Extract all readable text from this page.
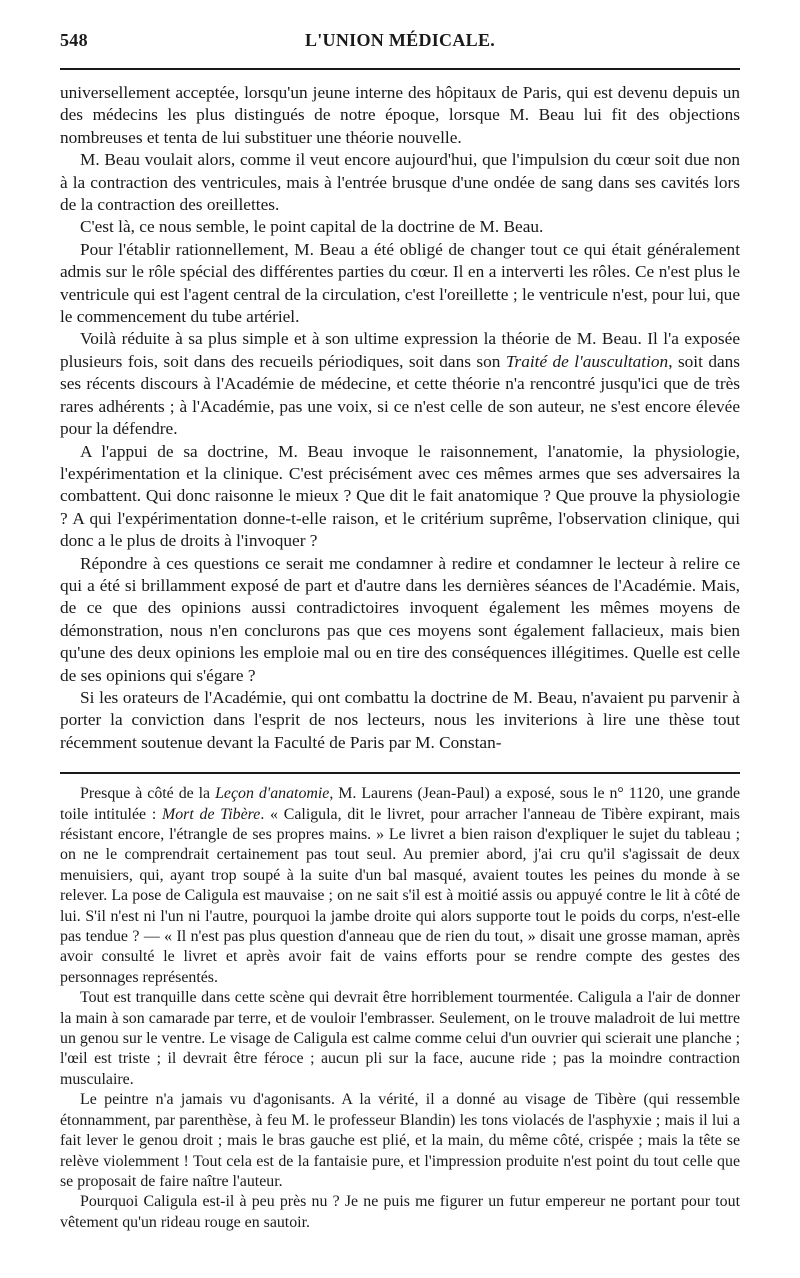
548	L'UNION MÉDICALE.

universellement acceptée, lorsqu'un jeune interne des hôpitaux de Paris, qui est devenu depuis un des médecins les plus distingués de notre époque, lorsque M. Beau lui fit des objections nombreuses et tenta de lui substituer une théorie nouvelle.

M. Beau voulait alors, comme il veut encore aujourd'hui, que l'impulsion du cœur soit due non à la contraction des ventricules, mais à l'entrée brusque d'une ondée de sang dans ses cavités lors de la contraction des oreillettes.

C'est là, ce nous semble, le point capital de la doctrine de M. Beau.

Pour l'établir rationnellement, M. Beau a été obligé de changer tout ce qui était généralement admis sur le rôle spécial des différentes parties du cœur. Il en a interverti les rôles. Ce n'est plus le ventricule qui est l'agent central de la circulation, c'est l'oreillette ; le ventricule n'est, pour lui, que le commencement du tube artériel.

Voilà réduite à sa plus simple et à son ultime expression la théorie de M. Beau. Il l'a exposée plusieurs fois, soit dans des recueils périodiques, soit dans son Traité de l'auscultation, soit dans ses récents discours à l'Académie de médecine, et cette théorie n'a rencontré jusqu'ici que de très rares adhérents ; à l'Académie, pas une voix, si ce n'est celle de son auteur, ne s'est encore élevée pour la défendre.

A l'appui de sa doctrine, M. Beau invoque le raisonnement, l'anatomie, la physiologie, l'expérimentation et la clinique. C'est précisément avec ces mêmes armes que ses adversaires la combattent. Qui donc raisonne le mieux ? Que dit le fait anatomique ? Que prouve la physiologie ? A qui l'expérimentation donne-t-elle raison, et le critérium suprême, l'observation clinique, qui donc a le plus de droits à l'invoquer ?

Répondre à ces questions ce serait me condamner à redire et condamner le lecteur à relire ce qui a été si brillamment exposé de part et d'autre dans les dernières séances de l'Académie. Mais, de ce que des opinions aussi contradictoires invoquent également les mêmes moyens de démonstration, nous n'en conclurons pas que ces moyens sont également fallacieux, mais bien qu'une des deux opinions les emploie mal ou en tire des conséquences illégitimes. Quelle est celle de ses opinions qui s'égare ?

Si les orateurs de l'Académie, qui ont combattu la doctrine de M. Beau, n'avaient pu parvenir à porter la conviction dans l'esprit de nos lecteurs, nous les inviterions à lire une thèse tout récemment soutenue devant la Faculté de Paris par M. Constan-

Presque à côté de la Leçon d'anatomie, M. Laurens (Jean-Paul) a exposé, sous le n° 1120, une grande toile intitulée : Mort de Tibère. « Caligula, dit le livret, pour arracher l'anneau de Tibère expirant, mais résistant encore, l'étrangle de ses propres mains. » Le livret a bien raison d'expliquer le sujet du tableau ; on ne le comprendrait certainement pas tout seul. Au premier abord, j'ai cru qu'il s'agissait de deux menuisiers, qui, ayant trop soupé à la suite d'un bal masqué, avaient toutes les peines du monde à se relever. La pose de Caligula est mauvaise ; on ne sait s'il est à moitié assis ou appuyé contre le lit à côté de lui. S'il n'est ni l'un ni l'autre, pourquoi la jambe droite qui alors supporte tout le poids du corps, n'est-elle pas tendue ? — « Il n'est pas plus question d'anneau que de rien du tout, » disait une grosse maman, après avoir consulté le livret et après avoir fait de vains efforts pour se rendre compte des gestes des personnages représentés.

Tout est tranquille dans cette scène qui devrait être horriblement tourmentée. Caligula a l'air de donner la main à son camarade par terre, et de vouloir l'embrasser. Seulement, on le trouve maladroit de lui mettre un genou sur le ventre. Le visage de Caligula est calme comme celui d'un ouvrier qui scierait une planche ; l'œil est triste ; il devrait être féroce ; aucun pli sur la face, aucune ride ; pas la moindre contraction musculaire.

Le peintre n'a jamais vu d'agonisants. A la vérité, il a donné au visage de Tibère (qui ressemble étonnamment, par parenthèse, à feu M. le professeur Blandin) les tons violacés de l'asphyxie ; mais il lui a fait lever le genou droit ; mais le bras gauche est plié, et la main, du même côté, crispée ; mais la tête se relève violemment ! Tout cela est de la fantaisie pure, et l'impression produite n'est point du tout celle que se proposait de faire naître l'auteur.

Pourquoi Caligula est-il à peu près nu ? Je ne puis me figurer un futur empereur ne portant pour tout vêtement qu'un rideau rouge en sautoir.
